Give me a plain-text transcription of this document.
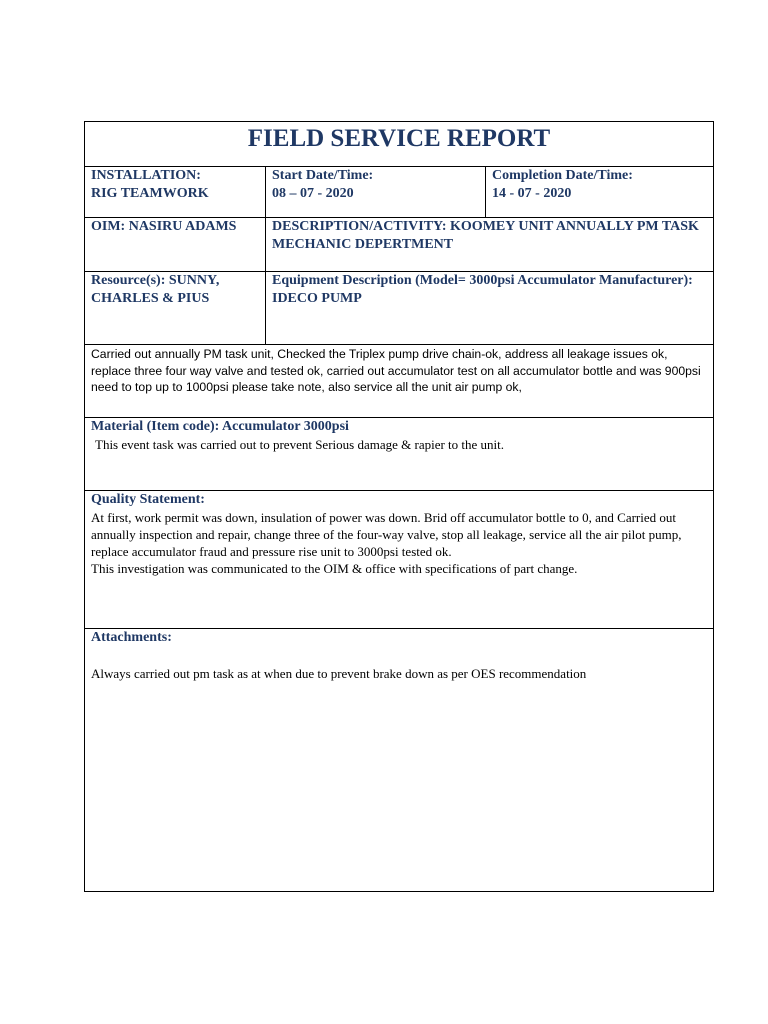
FIELD SERVICE REPORT
INSTALLATION:
RIG TEAMWORK
Start Date/Time:
08 – 07 - 2020
Completion Date/Time:
14 - 07 - 2020
OIM: NASIRU ADAMS	DESCRIPTION/ACTIVITY: KOOMEY UNIT ANNUALLY PM TASK MECHANIC DEPERTMENT
Resource(s): SUNNY, CHARLES & PIUS
Equipment Description (Model= 3000psi Accumulator Manufacturer): IDECO PUMP
Carried out annually PM task unit, Checked the Triplex pump drive chain-ok, address all leakage issues ok, replace three four way valve and tested ok, carried out accumulator test on all accumulator bottle and was 900psi need to top up to 1000psi please take note, also service all the unit air pump ok,
Material (Item code): Accumulator 3000psi
This event task was carried out to prevent Serious damage & rapier to the unit.
Quality Statement:
At first, work permit was down, insulation of power was down. Brid off accumulator bottle to 0, and Carried out annually inspection and repair, change three of the four-way valve, stop all leakage, service all the air pilot pump, replace accumulator fraud and pressure rise unit to 3000psi tested ok.
This investigation was communicated to the OIM & office with specifications of part change.
Attachments:
Always carried out pm task as at when due to prevent brake down as per OES recommendation
